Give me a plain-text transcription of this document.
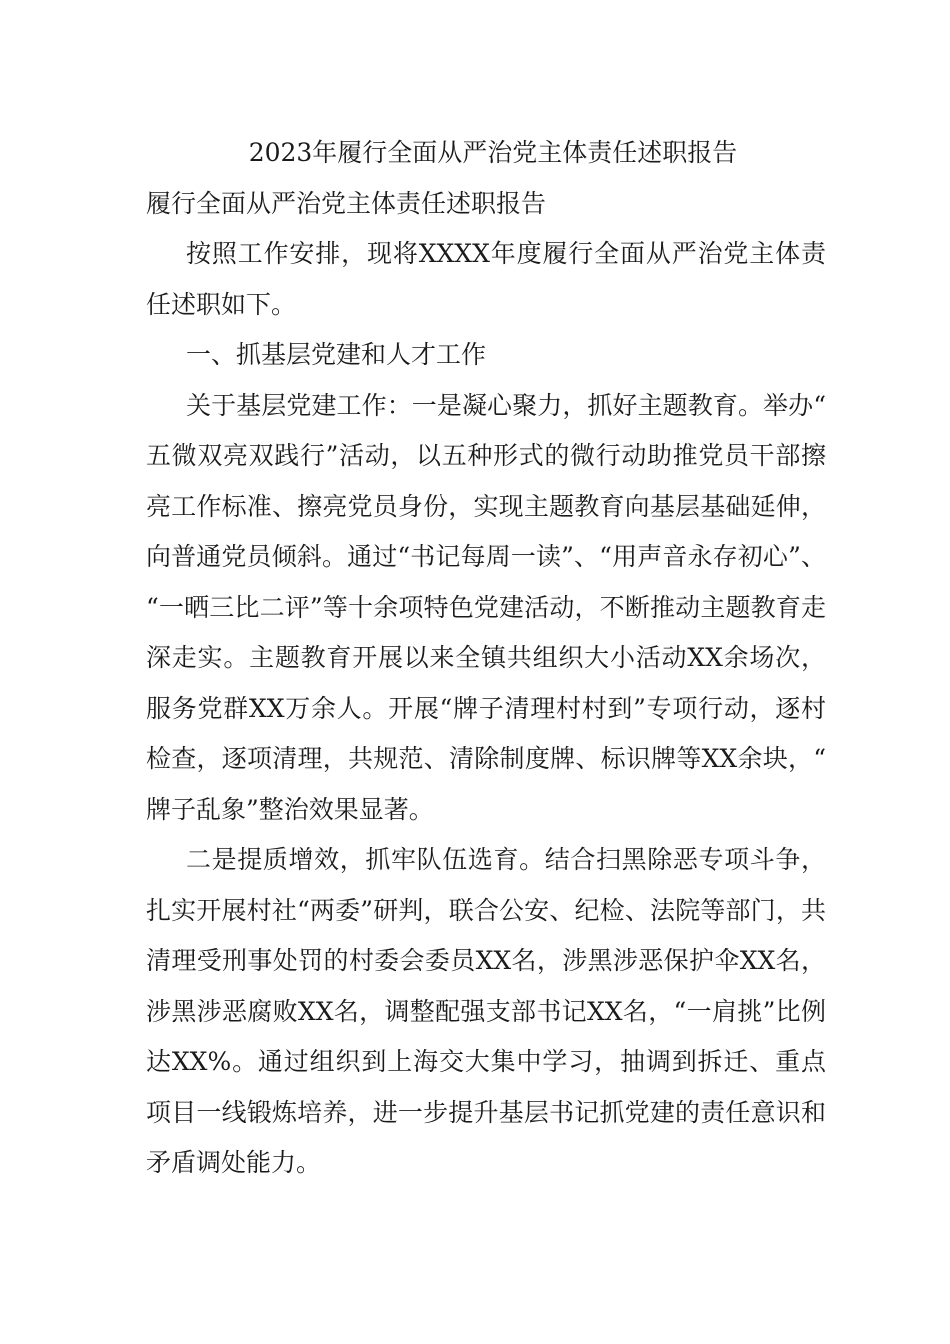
2023年履行全面从严治党主体责任述职报告

履行全面从严治党主体责任述职报告

按照工作安排，现将XXXX年度履行全面从严治党主体责任述职如下。

一、抓基层党建和人才工作

关于基层党建工作：一是凝心聚力，抓好主题教育。举办“五微双亮双践行”活动，以五种形式的微行动助推党员干部擦亮工作标准、擦亮党员身份，实现主题教育向基层基础延伸，向普通党员倾斜。通过“书记每周一读”、“用声音永存初心”、“一晒三比二评”等十余项特色党建活动，不断推动主题教育走深走实。主题教育开展以来全镇共组织大小活动XX余场次，服务党群XX万余人。开展“牌子清理村村到”专项行动，逐村检查，逐项清理，共规范、清除制度牌、标识牌等XX余块，“牌子乱象”整治效果显著。

二是提质增效，抓牢队伍选育。结合扫黑除恶专项斗争，扎实开展村社“两委”研判，联合公安、纪检、法院等部门，共清理受刑事处罚的村委会委员XX名，涉黑涉恶保护伞XX名，涉黑涉恶腐败XX名，调整配强支部书记XX名，“一肩挑”比例达XX%。通过组织到上海交大集中学习，抽调到拆迁、重点项目一线锻炼培养，进一步提升基层书记抓党建的责任意识和矛盾调处能力。
